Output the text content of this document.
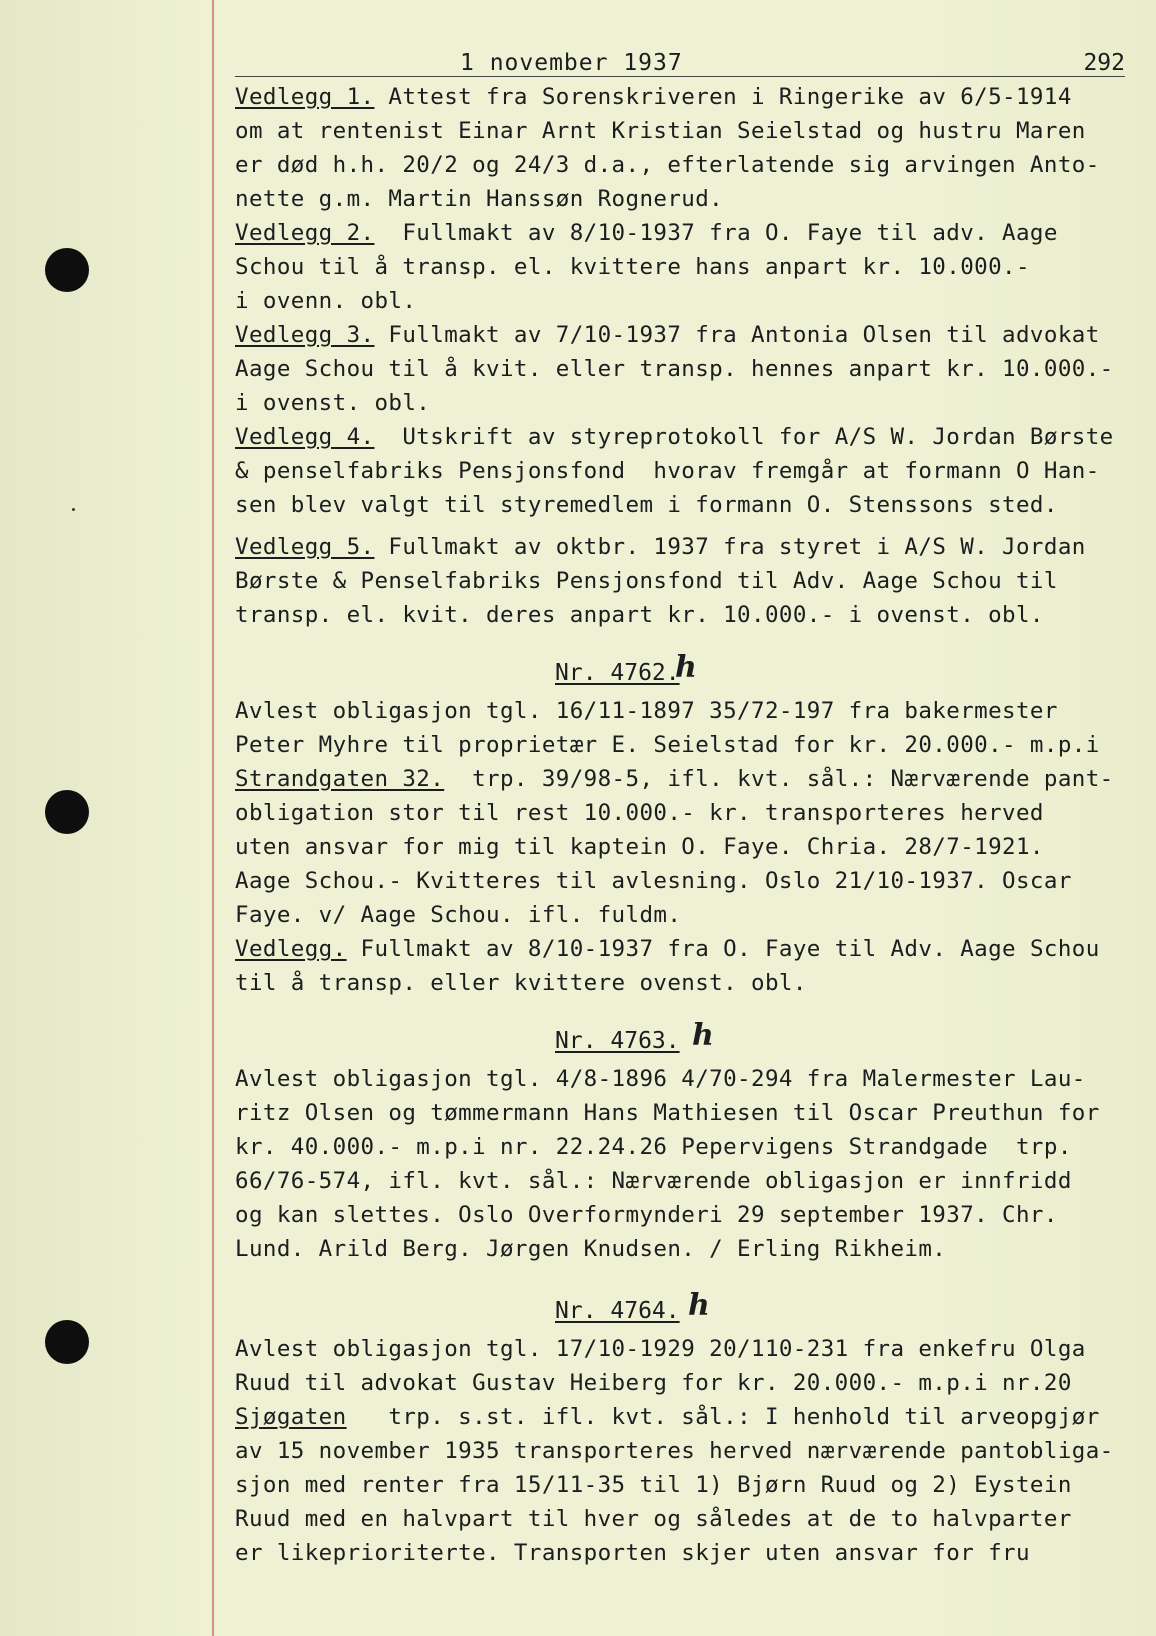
1 november 1937	292
Vedlegg 1. Attest fra Sorenskriveren i Ringerike av 6/5-1914
om at rentenist Einar Arnt Kristian Seielstad og hustru Maren
er død h.h. 20/2 og 24/3 d.a., efterlatende sig arvingen Anto-
nette g.m. Martin Hanssøn Rognerud.
Vedlegg 2.  Fullmakt av 8/10-1937 fra O. Faye til adv. Aage
Schou til å transp. el. kvittere hans anpart kr. 10.000.-
i ovenn. obl.
Vedlegg 3. Fullmakt av 7/10-1937 fra Antonia Olsen til advokat
Aage Schou til å kvit. eller transp. hennes anpart kr. 10.000.-
i ovenst. obl.
Vedlegg 4.  Utskrift av styreprotokoll for A/S W. Jordan Børste
& penselfabriks Pensjonsfond  hvorav fremgår at formann O Han-
sen blev valgt til styremedlem i formann O. Stenssons sted.
Vedlegg 5. Fullmakt av oktbr. 1937 fra styret i A/S W. Jordan
Børste & Penselfabriks Pensjonsfond til Adv. Aage Schou til
transp. el. kvit. deres anpart kr. 10.000.- i ovenst. obl.
Nr. 4762.
h
Avlest obligasjon tgl. 16/11-1897 35/72-197 fra bakermester
Peter Myhre til proprietær E. Seielstad for kr. 20.000.- m.p.i
Strandgaten 32.  trp. 39/98-5, ifl. kvt. sål.: Nærværende pant-
obligation stor til rest 10.000.- kr. transporteres herved
uten ansvar for mig til kaptein O. Faye. Chria. 28/7-1921.
Aage Schou.- Kvitteres til avlesning. Oslo 21/10-1937. Oscar
Faye. v/ Aage Schou. ifl. fuldm.
Vedlegg. Fullmakt av 8/10-1937 fra O. Faye til Adv. Aage Schou
til å transp. eller kvittere ovenst. obl.
Nr. 4763. h
Avlest obligasjon tgl. 4/8-1896 4/70-294 fra Malermester Lau-
ritz Olsen og tømmermann Hans Mathiesen til Oscar Preuthun for
kr. 40.000.- m.p.i nr. 22.24.26 Pepervigens Strandgade  trp.
66/76-574, ifl. kvt. sål.: Nærværende obligasjon er innfridd
og kan slettes. Oslo Overformynderi 29 september 1937. Chr.
Lund. Arild Berg. Jørgen Knudsen. / Erling Rikheim.
Nr. 4764. h
Avlest obligasjon tgl. 17/10-1929 20/110-231 fra enkefru Olga
Ruud til advokat Gustav Heiberg for kr. 20.000.- m.p.i nr.20
Sjøgaten   trp. s.st. ifl. kvt. sål.: I henhold til arveopgjør
av 15 november 1935 transporteres herved nærværende pantobliga-
sjon med renter fra 15/11-35 til 1) Bjørn Ruud og 2) Eystein
Ruud med en halvpart til hver og således at de to halvparter
er likeprioriterte. Transporten skjer uten ansvar for fru
